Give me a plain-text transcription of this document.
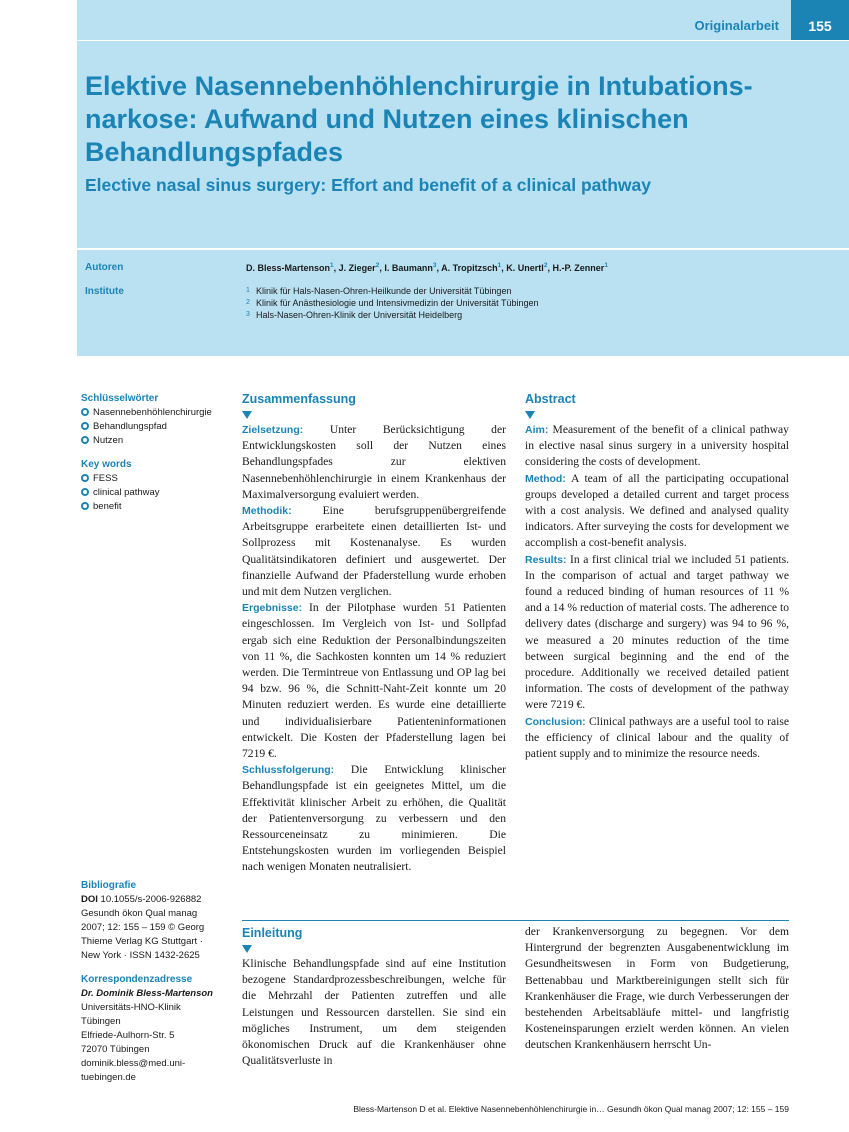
Originalarbeit	155
Elektive Nasennebenhöhlenchirurgie in Intubations-narkose: Aufwand und Nutzen eines klinischen Behandlungspfades
Elective nasal sinus surgery: Effort and benefit of a clinical pathway
Autoren	D. Bless-Martenson$^1$, J. Zieger$^2$, I. Baumann$^3$, A. Tropitzsch$^1$, K. Unertl$^2$, H.-P. Zenner$^1$
Institute	1 Klinik für Hals-Nasen-Ohren-Heilkunde der Universität Tübingen
2 Klinik für Anästhesiologie und Intensivmedizin der Universität Tübingen
3 Hals-Nasen-Ohren-Klinik der Universität Heidelberg
Schlüsselwörter
Nasennebenhöhlenchirurgie
Behandlungspfad
Nutzen
Key words
FESS
clinical pathway
benefit
Bibliografie
DOI 10.1055/s-2006-926882
Gesundh ökon Qual manag
2007; 12: 155 – 159 © Georg
Thieme Verlag KG Stuttgart ·
New York · ISSN 1432-2625
Korrespondenzadresse
Dr. Dominik Bless-Martenson
Universitäts-HNO-Klinik
Tübingen
Elfriede-Aulhorn-Str. 5
72070 Tübingen
dominik.bless@med.uni-
tuebingen.de
Zusammenfassung

Zielsetzung: Unter Berücksichtigung der Entwicklungskosten soll der Nutzen eines Behandlungspfades zur elektiven Nasennebenhöhlenchirurgie in einem Krankenhaus der Maximalversorgung evaluiert werden.

Methodik:	Eine berufsgruppenübergreifende Arbeitsgruppe erarbeitete einen detaillierten Ist- und Sollprozess mit Kostenanalyse. Es wurden Qualitätsindikatoren definiert und ausgewertet. Der finanzielle Aufwand der Pfaderstellung wurde erhoben und mit dem Nutzen verglichen.

Ergebnisse: In der Pilotphase wurden 51 Patienten eingeschlossen. Im Vergleich von Ist- und Sollpfad ergab sich eine Reduktion der Personalbindungszeiten von 11 %, die Sachkosten konnten um 14 % reduziert werden. Die Termintreue von Entlassung und OP lag bei 94 bzw. 96 %, die Schnitt-Naht-Zeit konnte um 20 Minuten reduziert werden. Es wurde eine detaillierte und individualisierbare Patienteninformationen entwickelt. Die Kosten der Pfaderstellung lagen bei 7219 €.

Schlussfolgerung: Die Entwicklung klinischer Behandlungspfade ist ein geeignetes Mittel, um die Effektivität klinischer Arbeit zu erhöhen, die Qualität der Patientenversorgung zu verbessern und den Ressourceneinsatz zu minimieren. Die Entstehungskosten wurden im vorliegenden Beispiel nach wenigen Monaten neutralisiert.

Abstract

Aim: Measurement of the benefit of a clinical pathway in elective nasal sinus surgery in a university hospital considering the costs of development.

Method: A team of all the participating occupational groups developed a detailed current and target process with a cost analysis. We defined and analysed quality indicators. After surveying the costs for development we accomplish a cost-benefit analysis.

Results: In a first clinical trial we included 51 patients. In the comparison of actual and target pathway we found a reduced binding of human resources of 11 % and a 14 % reduction of material costs. The adherence to delivery dates (discharge and surgery) was 94 to 96 %, we measured a 20 minutes reduction of the time between surgical beginning and the end of the procedure. Additionally we received detailed patient information. The costs of development of the pathway were 7219 €.

Conclusion: Clinical pathways are a useful tool to raise the efficiency of clinical labour and the quality of patient supply and to minimize the resource needs.

Einleitung

Klinische Behandlungspfade sind auf eine Institution bezogene Standardprozessbeschreibungen, welche für die Mehrzahl der Patienten zutreffen und alle Leistungen und Ressourcen darstellen. Sie sind ein mögliches Instrument, um dem steigenden ökonomischen Druck auf die Krankenhäuser ohne Qualitätsverluste in

der Krankenversorgung zu begegnen. Vor dem Hintergrund der begrenzten Ausgabenentwicklung im Gesundheitswesen in Form von Budgetierung, Bettenabbau und Marktbereinigungen stellt sich für Krankenhäuser die Frage, wie durch Verbesserungen der bestehenden Arbeitsabläufe mittel- und langfristig Kosteneinsparungen erzielt werden können. An vielen deutschen Krankenhäusern herrscht Un-

Bless-Martenson D et al. Elektive Nasennebenhöhlenchirurgie in… Gesundh ökon Qual manag 2007; 12: 155 – 159
